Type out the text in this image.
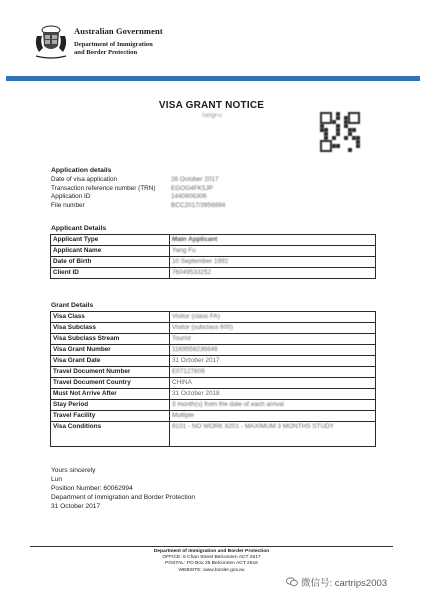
Australian Government
Department of Immigration
and Border Protection
VISA GRANT NOTICE
YangFu
Application details
Date of visa application	26 October 2017
Transaction reference number (TRN)	EGOG4FK5JP
Application ID	1440606306
File number	BCC2017/3956694
Applicant Details
Applicant Type	Main Applicant
Applicant Name	Yang Fu
Date of Birth	10 September 1992
Client ID	76049533252
Grant Details
Visa Class	Visitor (class FA)
Visa Subclass	Visitor (subclass 600)
Visa Subclass Stream	Tourist
Visa Grant Number	1169558236646
Visa Grant Date	31 October 2017
Travel Document Number	E07127609
Travel Document Country	CHINA
Must Not Arrive After	31 October 2018
Stay Period	3 month(s) from the date of each arrival
Travel Facility	Multiple
Visa Conditions	8101 - NO WORK 8201 - MAXIMUM 3 MONTHS STUDY
Yours sincerely
Lun
Position Number: 60062994
Department of Immigration and Border Protection
31 October 2017
Department of Immigration and Border Protection
OFFICE: 6 Chan Street Belconnen ACT 2617
POSTAL: PO Box 25 Belconnen ACT 2616
WEBSITE: www.border.gov.au
微信号: cartrips2003
